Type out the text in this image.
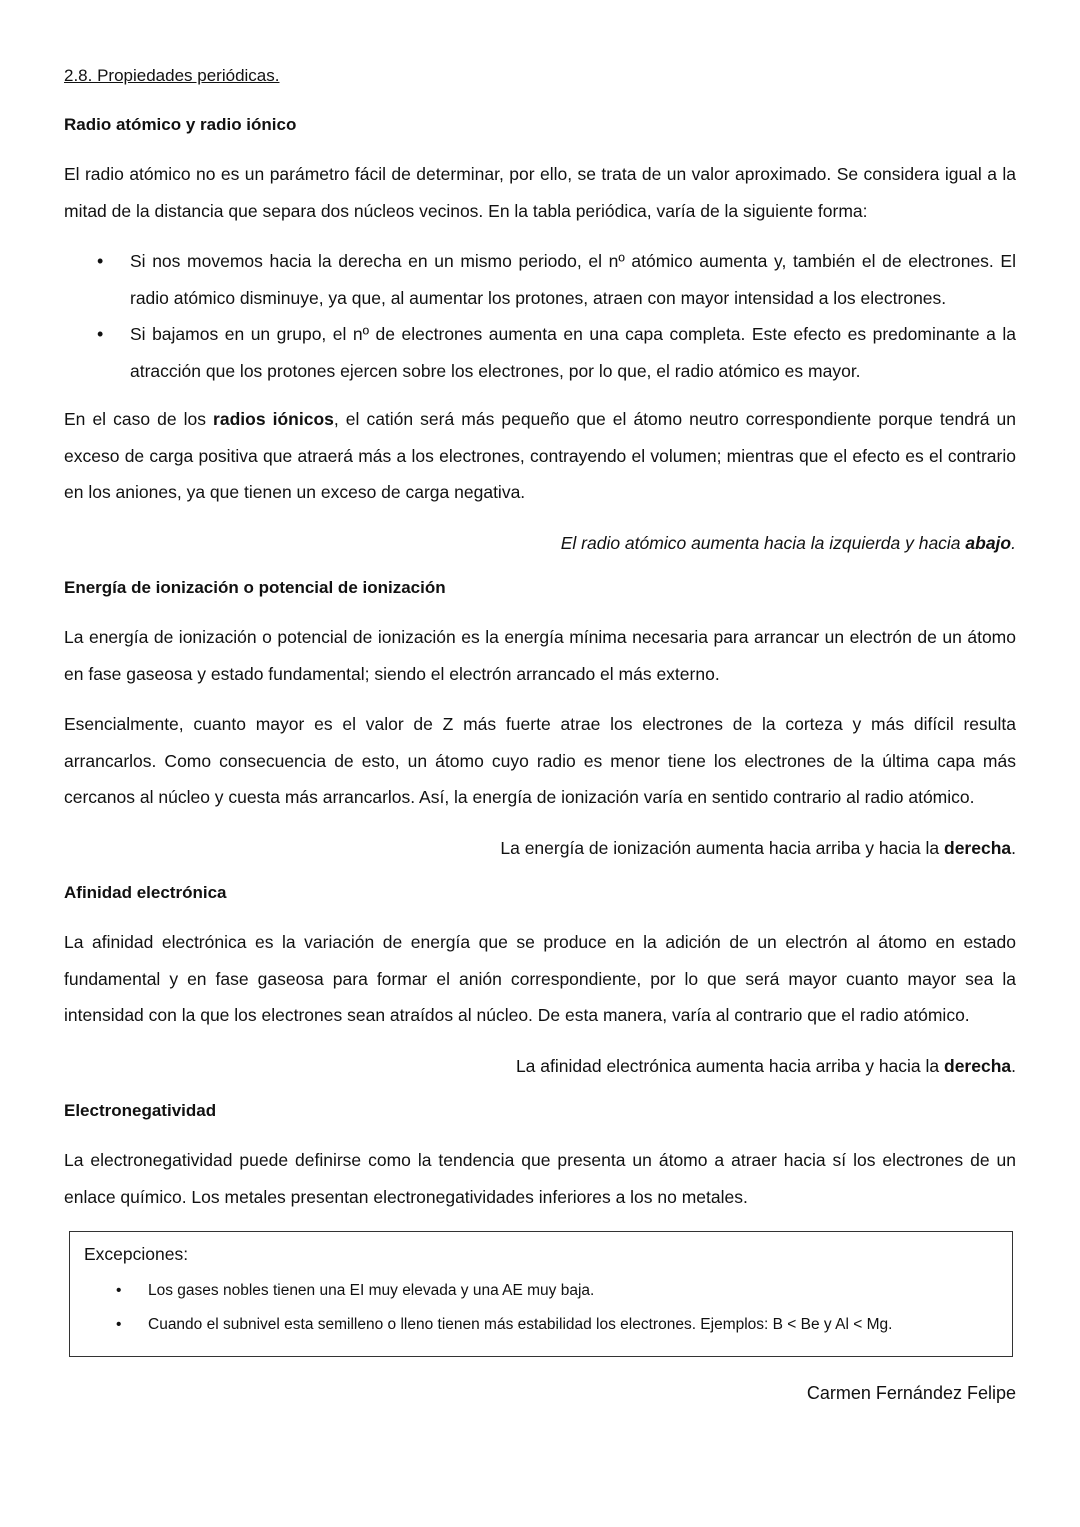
2.8. Propiedades periódicas.
Radio atómico y radio iónico

El radio atómico no es un parámetro fácil de determinar, por ello, se trata de un valor aproximado. Se considera igual a la mitad de la distancia que separa dos núcleos vecinos. En la tabla periódica, varía de la siguiente forma:

• Si nos movemos hacia la derecha en un mismo periodo, el nº atómico aumenta y, también el de electrones. El radio atómico disminuye, ya que, al aumentar los protones, atraen con mayor intensidad a los electrones.
• Si bajamos en un grupo, el nº de electrones aumenta en una capa completa. Este efecto es predominante a la atracción que los protones ejercen sobre los electrones, por lo que, el radio atómico es mayor.

En el caso de los radios iónicos, el catión será más pequeño que el átomo neutro correspondiente porque tendrá un exceso de carga positiva que atraerá más a los electrones, contrayendo el volumen; mientras que el efecto es el contrario en los aniones, ya que tienen un exceso de carga negativa.

El radio atómico aumenta hacia la izquierda y hacia abajo.
Energía de ionización o potencial de ionización

La energía de ionización o potencial de ionización es la energía mínima necesaria para arrancar un electrón de un átomo en fase gaseosa y estado fundamental; siendo el electrón arrancado el más externo.

Esencialmente, cuanto mayor es el valor de Z más fuerte atrae los electrones de la corteza y más difícil resulta arrancarlos. Como consecuencia de esto, un átomo cuyo radio es menor tiene los electrones de la última capa más cercanos al núcleo y cuesta más arrancarlos. Así, la energía de ionización varía en sentido contrario al radio atómico.

La energía de ionización aumenta hacia arriba y hacia la derecha.
Afinidad electrónica

La afinidad electrónica es la variación de energía que se produce en la adición de un electrón al átomo en estado fundamental y en fase gaseosa para formar el anión correspondiente, por lo que será mayor cuanto mayor sea la intensidad con la que los electrones sean atraídos al núcleo. De esta manera, varía al contrario que el radio atómico.

La afinidad electrónica aumenta hacia arriba y hacia la derecha.
Electronegatividad

La electronegatividad puede definirse como la tendencia que presenta un átomo a atraer hacia sí los electrones de un enlace químico. Los metales presentan electronegatividades inferiores a los no metales.

Excepciones:
• Los gases nobles tienen una EI muy elevada y una AE muy baja.
• Cuando el subnivel esta semilleno o lleno tienen más estabilidad los electrones. Ejemplos: B < Be y Al < Mg.
Carmen Fernández Felipe
